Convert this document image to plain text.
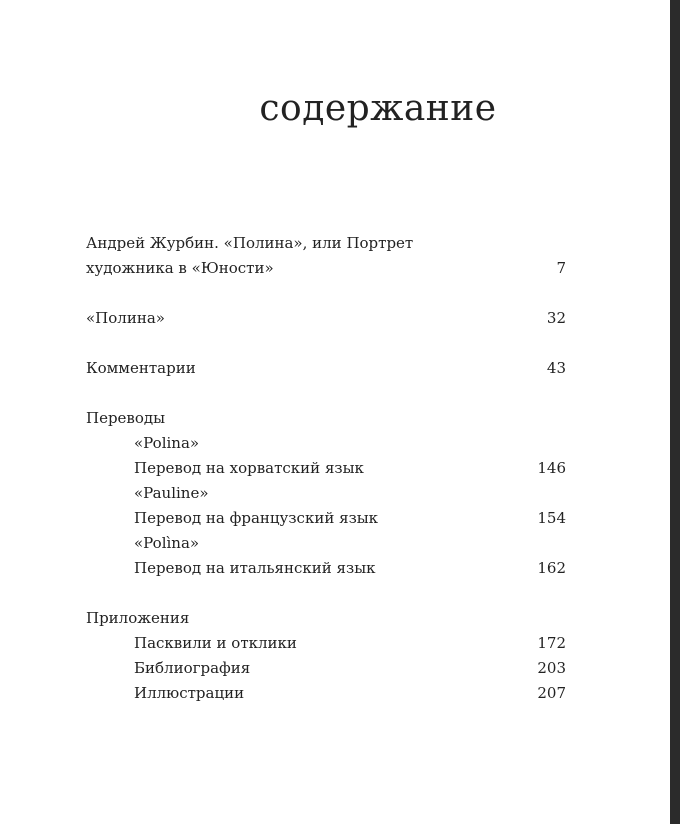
содержание
Андрей Журбин. «Полина», или Портрет
художника в «Юности»	7
«Полина»	32
Комментарии	43
Переводы
«Polina»
Перевод на хорватский язык	146
«Pauline»
Перевод на французский язык	154
«Polìna»
Перевод на итальянский язык	162
Приложения
Пасквили и отклики	172
Библиография	203
Иллюстрации	207
